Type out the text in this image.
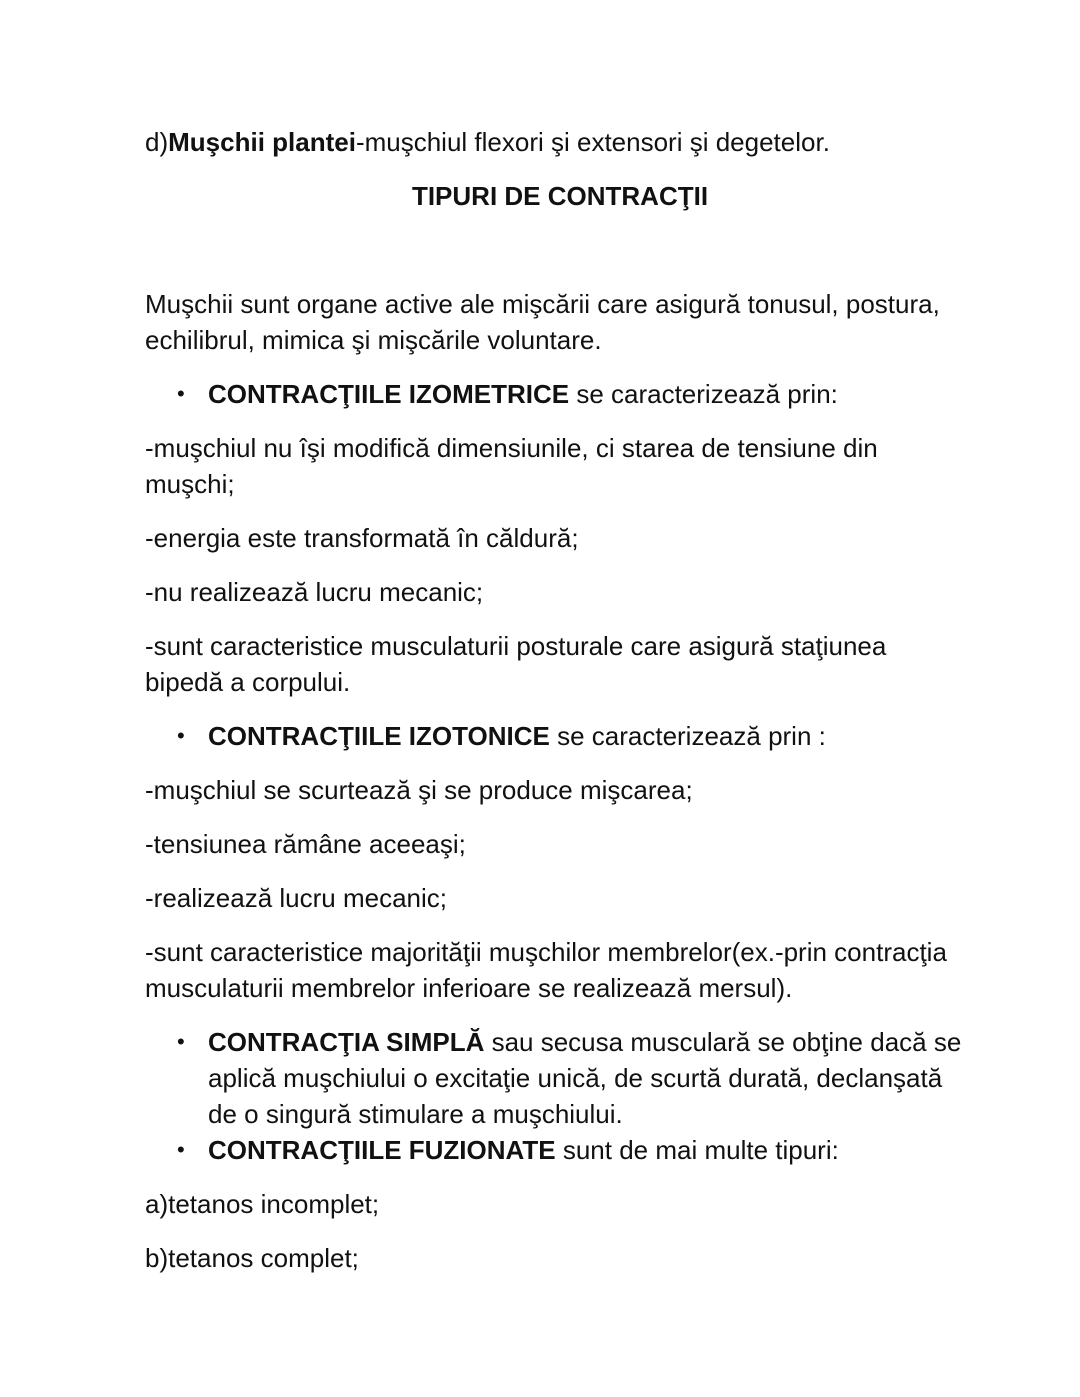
d)Muşchii plantei-muşchiul flexori şi extensori şi degetelor.

TIPURI DE CONTRACŢII

Muşchii sunt organe active ale mişcării care asigură tonusul, postura, echilibrul, mimica şi mişcările voluntare.

• CONTRACŢIILE IZOMETRICE se caracterizează prin:

-muşchiul nu îşi modifică dimensiunile, ci starea de tensiune din muşchi;

-energia este transformată în căldură;

-nu realizează lucru mecanic;

-sunt caracteristice musculaturii posturale care asigură staţiunea bipedă a corpului.

• CONTRACŢIILE IZOTONICE se caracterizează prin :

-muşchiul se scurtează şi se produce mişcarea;

-tensiunea rămâne aceeaşi;

-realizează lucru mecanic;

-sunt caracteristice majorităţii muşchilor membrelor(ex.-prin contracţia musculaturii membrelor inferioare se realizează mersul).

• CONTRACŢIA SIMPLĂ sau secusa musculară se obţine dacă se aplică muşchiului o excitaţie unică, de scurtă durată, declanşată de o singură stimulare a muşchiului.
• CONTRACŢIILE FUZIONATE sunt de mai multe tipuri:

a)tetanos incomplet;

b)tetanos complet;
